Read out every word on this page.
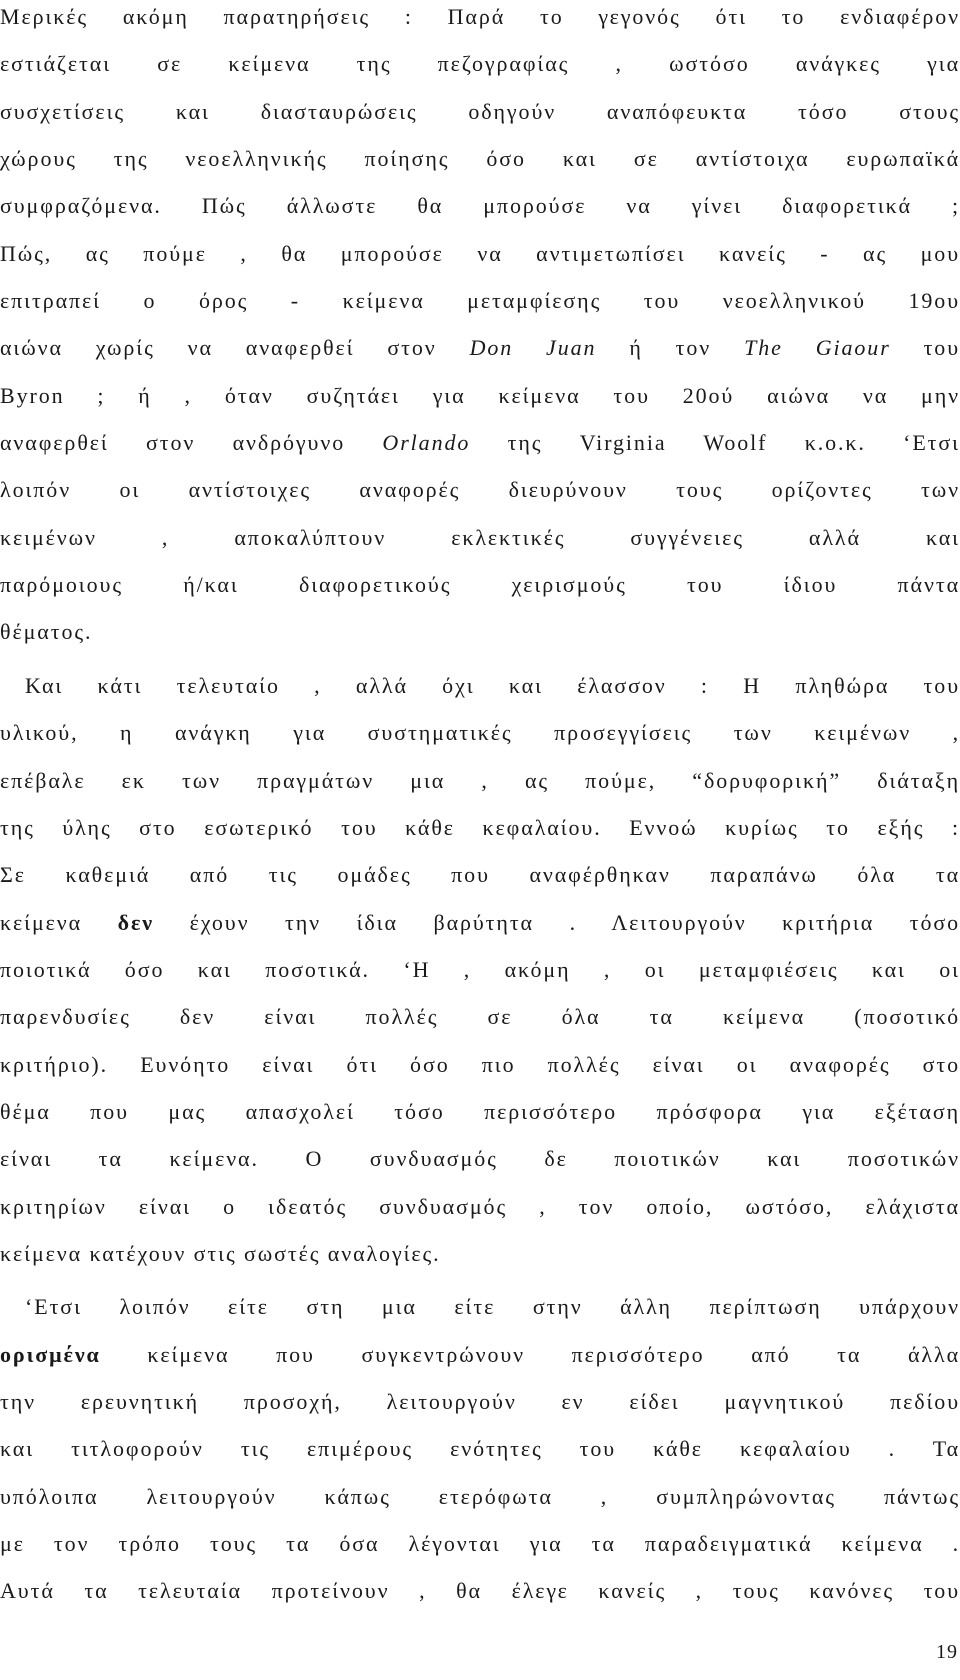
Μερικές ακόμη παρατηρήσεις : Παρά το γεγονός ότι το ενδιαφέρον
εστιάζεται σε κείμενα της πεζογραφίας , ωστόσο ανάγκες για
συσχετίσεις και διασταυρώσεις οδηγούν αναπόφευκτα τόσο στους
χώρους της νεοελληνικής ποίησης όσο και σε αντίστοιχα ευρωπαϊκά
συμφραζόμενα. Πώς άλλωστε θα μπορούσε να γίνει διαφορετικά ;
Πώς, ας πούμε , θα μπορούσε να αντιμετωπίσει κανείς - ας μου
επιτραπεί ο όρος - κείμενα μεταμφίεσης του νεοελληνικού 19ου
αιώνα χωρίς να αναφερθεί στον Don Juan ή τον The Giaour του
Byron ; ή , όταν συζητάει για κείμενα του 20ού αιώνα να μην
αναφερθεί στον ανδρόγυνο Orlando της Virginia Woolf κ.ο.κ. ‘Ετσι
λοιπόν οι αντίστοιχες αναφορές διευρύνουν τους ορίζοντες των
κειμένων , αποκαλύπτουν εκλεκτικές συγγένειες αλλά και
παρόμοιους ή/και διαφορετικούς χειρισμούς του ίδιου πάντα
θέματος.
Και κάτι τελευταίο , αλλά όχι και έλασσον : Η πληθώρα του
υλικού, η ανάγκη για συστηματικές προσεγγίσεις των κειμένων ,
επέβαλε εκ των πραγμάτων μια , ας πούμε, “δορυφορική” διάταξη
της ύλης στο εσωτερικό του κάθε κεφαλαίου. Εννοώ κυρίως το εξής :
Σε καθεμιά από τις ομάδες που αναφέρθηκαν παραπάνω όλα τα
κείμενα δεν έχουν την ίδια βαρύτητα . Λειτουργούν κριτήρια τόσο
ποιοτικά όσο και ποσοτικά. ‘Η , ακόμη , οι μεταμφιέσεις και οι
παρενδυσίες δεν είναι πολλές σε όλα τα κείμενα (ποσοτικό
κριτήριο). Ευνόητο είναι ότι όσο πιο πολλές είναι οι αναφορές στο
θέμα που μας απασχολεί τόσο περισσότερο πρόσφορα για εξέταση
είναι τα κείμενα. Ο συνδυασμός δε ποιοτικών και ποσοτικών
κριτηρίων είναι ο ιδεατός συνδυασμός , τον οποίο, ωστόσο, ελάχιστα
κείμενα κατέχουν στις σωστές αναλογίες.
‘Ετσι λοιπόν είτε στη μια είτε στην άλλη περίπτωση υπάρχουν
ορισμένα κείμενα που συγκεντρώνουν περισσότερο από τα άλλα
την ερευνητική προσοχή, λειτουργούν εν είδει μαγνητικού πεδίου
και τιτλοφορούν τις επιμέρους ενότητες του κάθε κεφαλαίου . Τα
υπόλοιπα λειτουργούν κάπως ετερόφωτα , συμπληρώνοντας πάντως
με τον τρόπο τους τα όσα λέγονται για τα παραδειγματικά κείμενα .
Αυτά τα τελευταία προτείνουν , θα έλεγε κανείς , τους κανόνες του
19
